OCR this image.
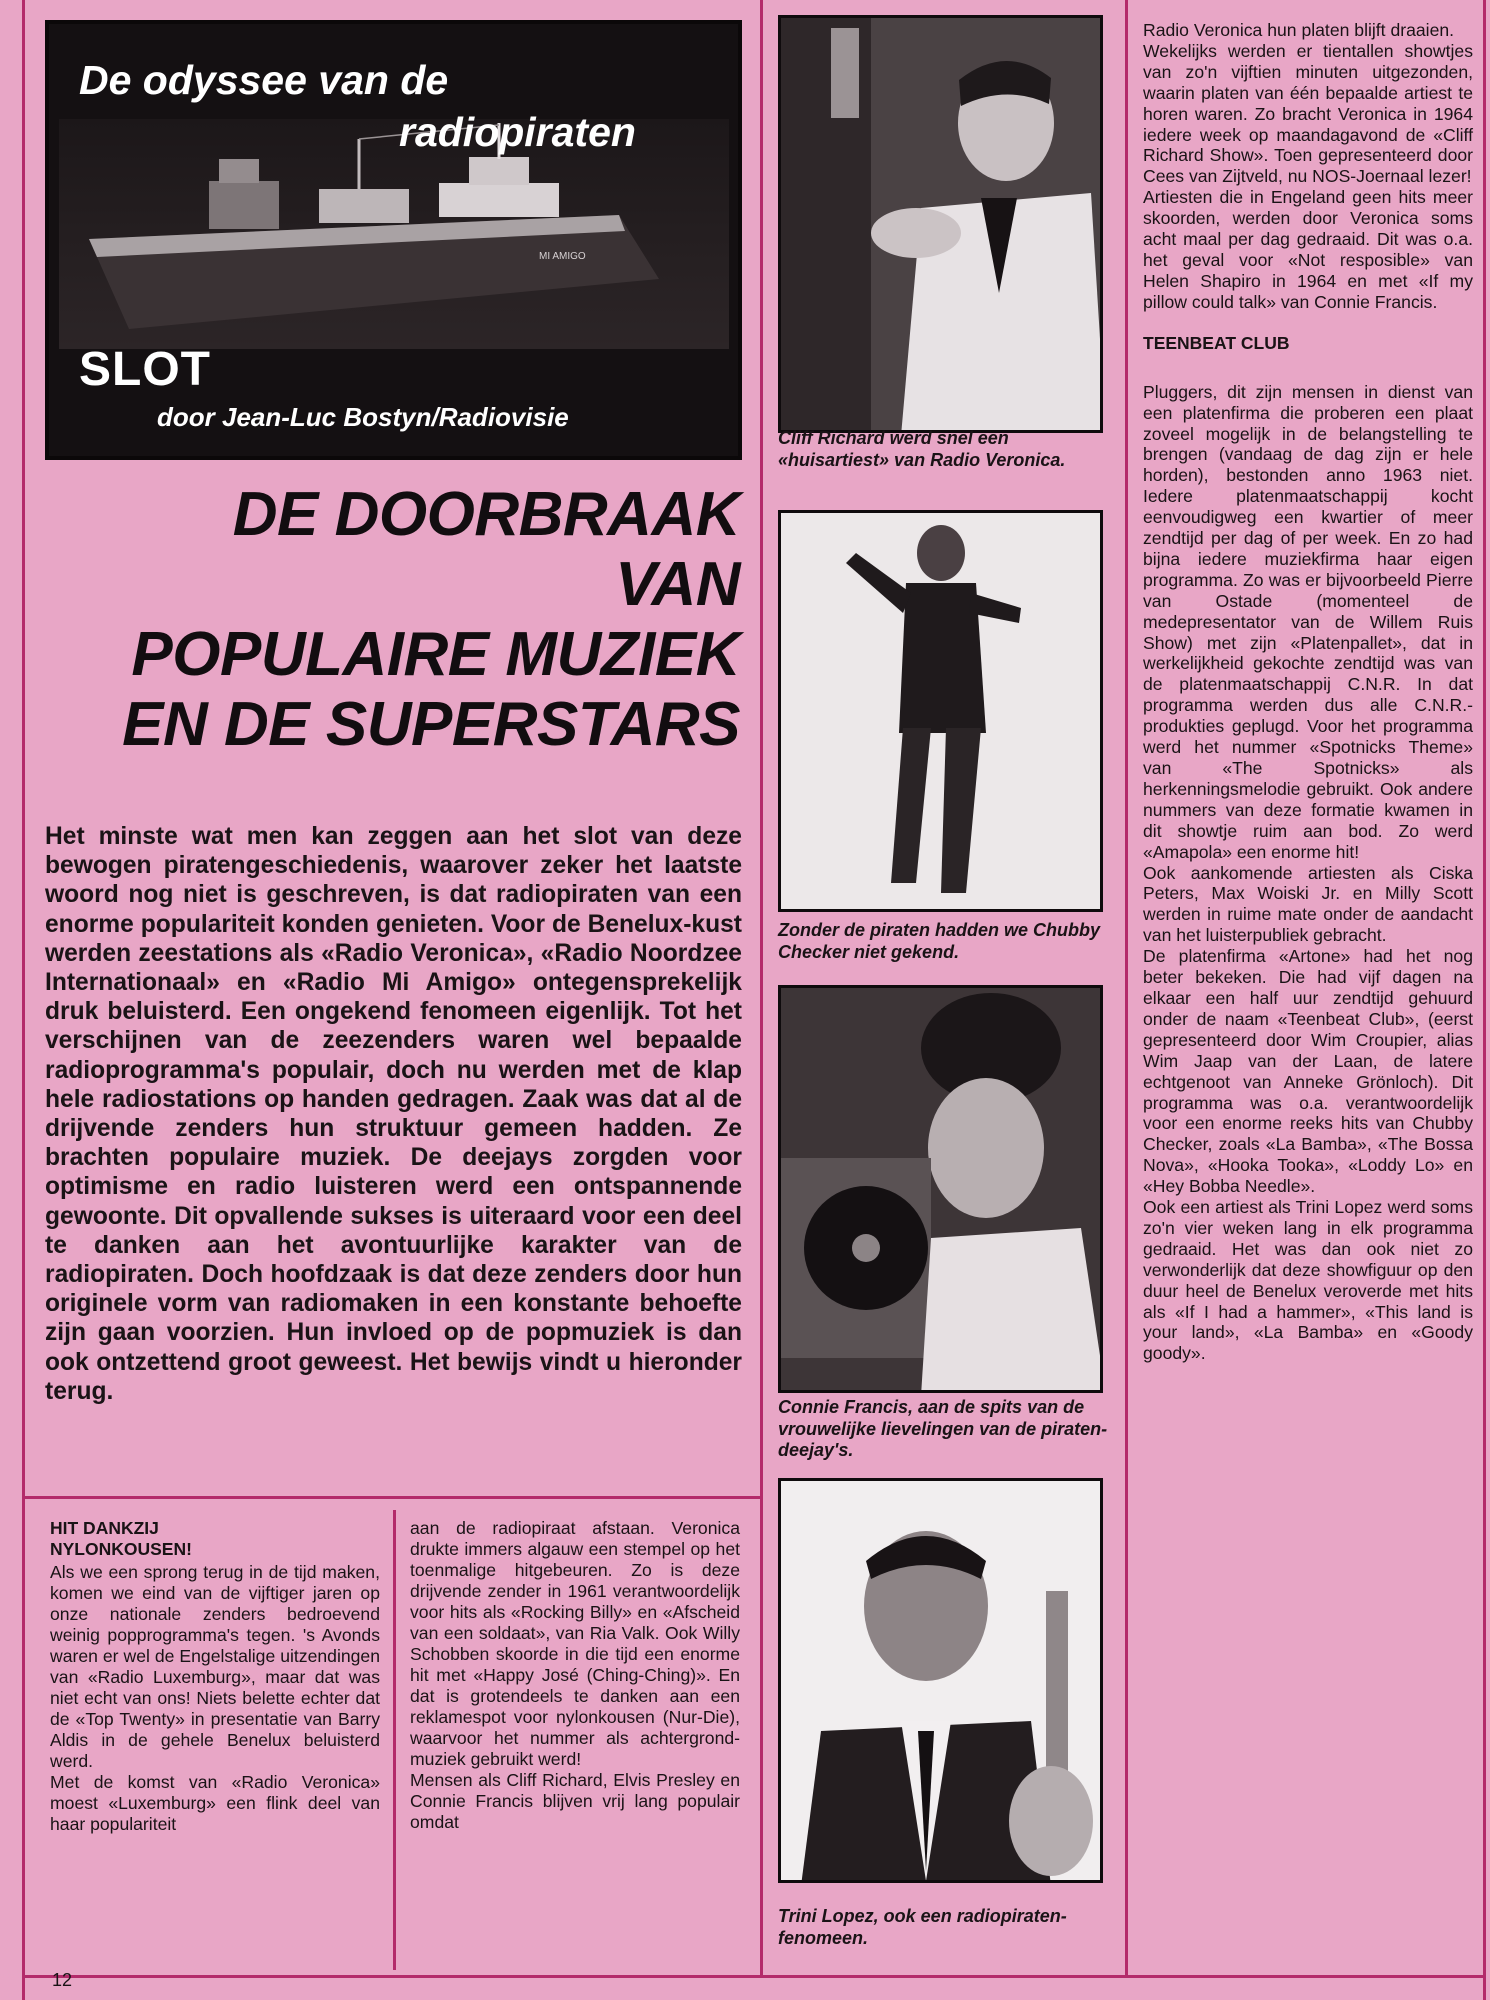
MI AMIGO
De odyssee van de
radiopiraten
SLOT
door Jean-Luc Bostyn/Radiovisie
DE DOORBRAAK
VAN
POPULAIRE MUZIEK
EN DE SUPERSTARS
Het minste wat men kan zeggen aan het slot van deze bewogen piratengeschiedenis, waarover zeker het laatste woord nog niet is geschreven, is dat radiopiraten van een enorme populariteit konden genieten. Voor de Benelux-kust werden zeestations als «Radio Veronica», «Radio Noordzee Internationaal» en «Radio Mi Amigo» ontegensprekelijk druk beluisterd. Een ongekend fenomeen eigenlijk. Tot het verschijnen van de zeezenders waren wel bepaalde radioprogramma's populair, doch nu werden met de klap hele radiostations op handen gedragen. Zaak was dat al de drijvende zenders hun struktuur gemeen hadden. Ze brachten populaire muziek. De deejays zorgden voor optimisme en radio luisteren werd een ontspannende gewoonte. Dit opvallende sukses is uiteraard voor een deel te danken aan het avontuurlijke karakter van de radiopiraten. Doch hoofdzaak is dat deze zenders door hun originele vorm van radiomaken in een konstante behoefte zijn gaan voorzien. Hun invloed op de popmuziek is dan ook ontzettend groot geweest. Het bewijs vindt u hieronder terug.
HIT DANKZIJ
NYLONKOUSEN!

Als we een sprong terug in de tijd maken, komen we eind van de vijftiger jaren op onze nationale zenders bedroevend weinig popprogramma's tegen. 's Avonds waren er wel de Engelstalige uitzendingen van «Radio Luxemburg», maar dat was niet echt van ons! Niets belette echter dat de «Top Twenty» in presentatie van Barry Aldis in de gehele Benelux beluisterd werd.

Met de komst van «Radio Veronica» moest «Luxemburg» een flink deel van haar populariteit

aan de radiopiraat afstaan. Veronica drukte immers algauw een stempel op het toenmalige hitgebeuren. Zo is deze drijvende zender in 1961 verantwoordelijk voor hits als «Rocking Billy» en «Afscheid van een soldaat», van Ria Valk. Ook Willy Schobben skoorde in die tijd een enorme hit met «Happy José (Ching-Ching)». En dat is grotendeels te danken aan een reklamespot voor nylonkousen (Nur-Die), waarvoor het nummer als achtergrond-muziek gebruikt werd!

Mensen als Cliff Richard, Elvis Presley en Connie Francis blijven vrij lang populair omdat

Cliff Richard werd snel een «huisartiest» van Radio Veronica.
Zonder de piraten hadden we Chubby Checker niet gekend.
Connie Francis, aan de spits van de vrouwelijke lievelingen van de piraten-deejay's.
Trini Lopez, ook een radiopiraten-fenomeen.

Radio Veronica hun platen blijft draaien.

Wekelijks werden er tientallen showtjes van zo'n vijftien minuten uitgezonden, waarin platen van één bepaalde artiest te horen waren. Zo bracht Veronica in 1964 iedere week op maandagavond de «Cliff Richard Show». Toen gepresenteerd door Cees van Zijtveld, nu NOS-Joernaal lezer!

Artiesten die in Engeland geen hits meer skoorden, werden door Veronica soms acht maal per dag gedraaid. Dit was o.a. het geval voor «Not resposible» van Helen Shapiro in 1964 en met «If my pillow could talk» van Connie Francis.

TEENBEAT CLUB

Pluggers, dit zijn mensen in dienst van een platenfirma die proberen een plaat zoveel mogelijk in de belangstelling te brengen (vandaag de dag zijn er hele horden), bestonden anno 1963 niet. Iedere platenmaatschappij kocht eenvoudigweg een kwartier of meer zendtijd per dag of per week. En zo had bijna iedere muziekfirma haar eigen programma. Zo was er bijvoorbeeld Pierre van Ostade (momenteel de medepresentator van de Willem Ruis Show) met zijn «Platenpallet», dat in werkelijkheid gekochte zendtijd was van de platenmaatschappij C.N.R. In dat programma werden dus alle C.N.R.-produkties geplugd. Voor het programma werd het nummer «Spotnicks Theme» van «The Spotnicks» als herkenningsmelodie gebruikt. Ook andere nummers van deze formatie kwamen in dit showtje ruim aan bod. Zo werd «Amapola» een enorme hit!

Ook aankomende artiesten als Ciska Peters, Max Woiski Jr. en Milly Scott werden in ruime mate onder de aandacht van het luisterpubliek gebracht.

De platenfirma «Artone» had het nog beter bekeken. Die had vijf dagen na elkaar een half uur zendtijd gehuurd onder de naam «Teenbeat Club», (eerst gepresenteerd door Wim Croupier, alias Wim Jaap van der Laan, de latere echtgenoot van Anneke Grönloch). Dit programma was o.a. verantwoordelijk voor een enorme reeks hits van Chubby Checker, zoals «La Bamba», «The Bossa Nova», «Hooka Tooka», «Loddy Lo» en «Hey Bobba Needle».

Ook een artiest als Trini Lopez werd soms zo'n vier weken lang in elk programma gedraaid. Het was dan ook niet zo verwonderlijk dat deze showfiguur op den duur heel de Benelux veroverde met hits als «If I had a hammer», «This land is your land», «La Bamba» en «Goody goody».

12
